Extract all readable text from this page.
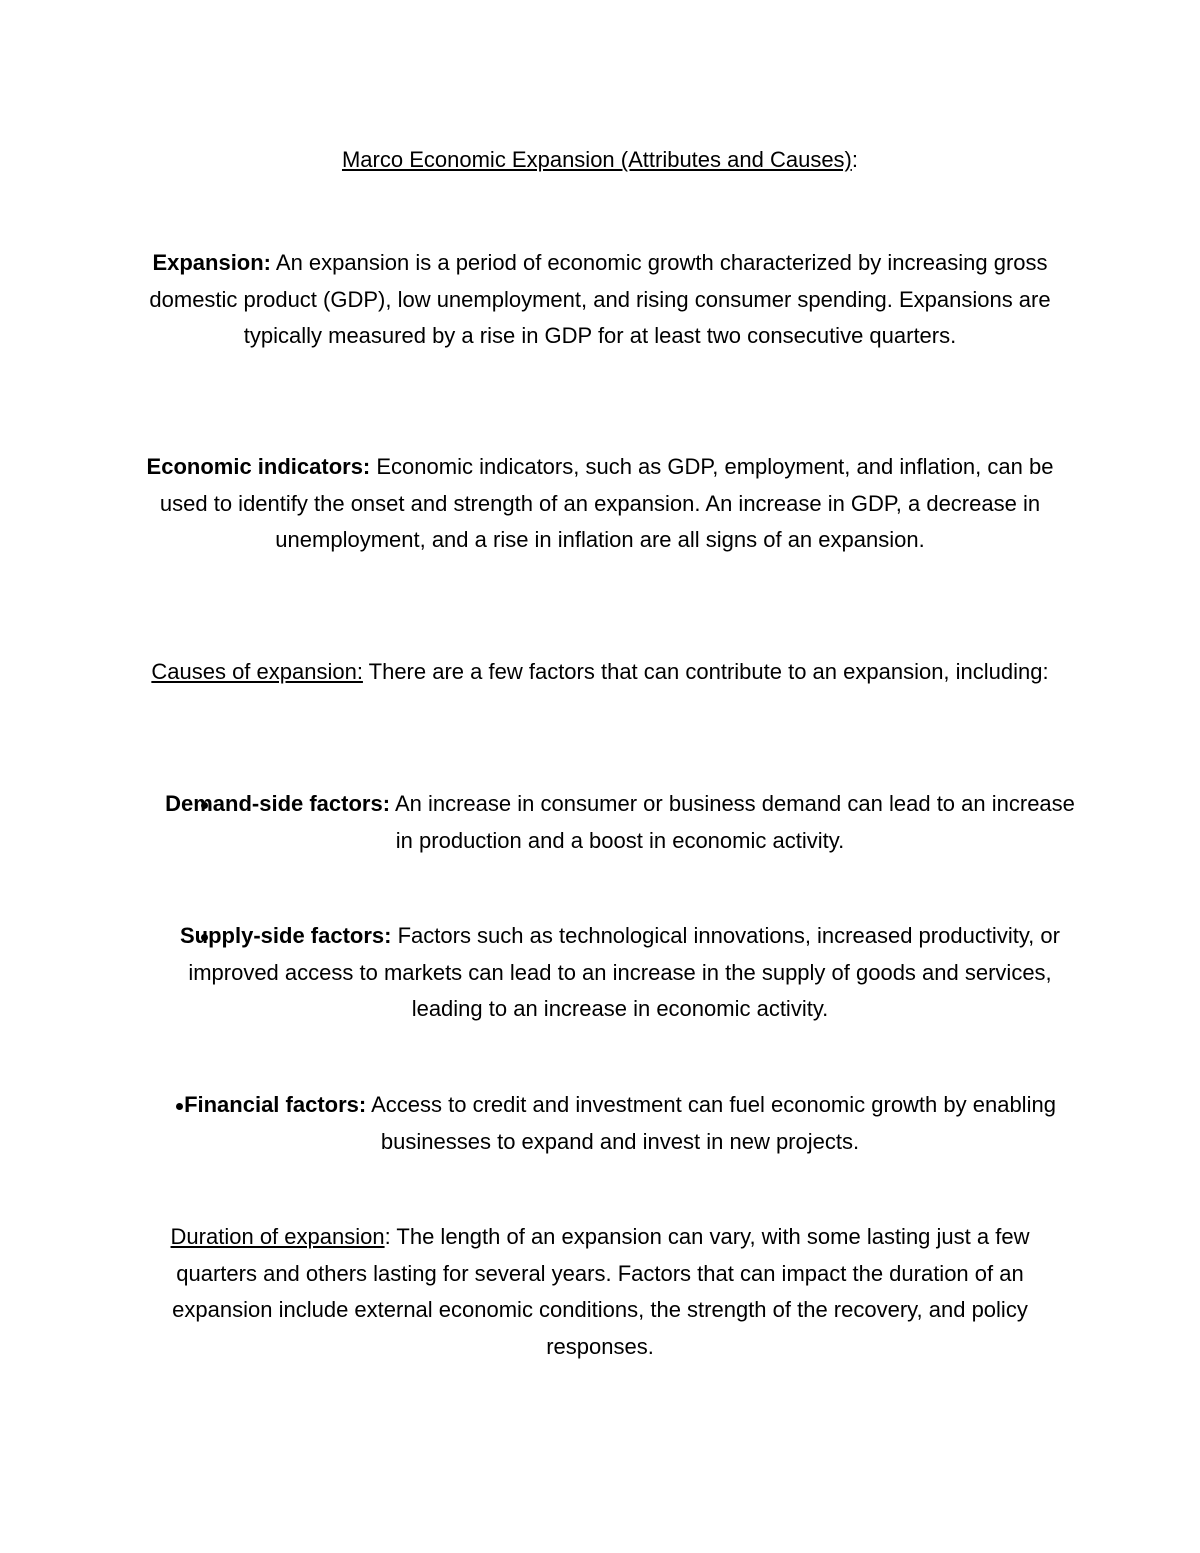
Marco Economic Expansion (Attributes and Causes):

Expansion: An expansion is a period of economic growth characterized by increasing gross domestic product (GDP), low unemployment, and rising consumer spending. Expansions are typically measured by a rise in GDP for at least two consecutive quarters.

Economic indicators: Economic indicators, such as GDP, employment, and inflation, can be used to identify the onset and strength of an expansion. An increase in GDP, a decrease in unemployment, and a rise in inflation are all signs of an expansion.

Causes of expansion: There are a few factors that can contribute to an expansion, including:

Demand-side factors: An increase in consumer or business demand can lead to an increase in production and a boost in economic activity.

Supply-side factors: Factors such as technological innovations, increased productivity, or improved access to markets can lead to an increase in the supply of goods and services, leading to an increase in economic activity.

Financial factors: Access to credit and investment can fuel economic growth by enabling businesses to expand and invest in new projects.

Duration of expansion: The length of an expansion can vary, with some lasting just a few quarters and others lasting for several years. Factors that can impact the duration of an expansion include external economic conditions, the strength of the recovery, and policy responses.
